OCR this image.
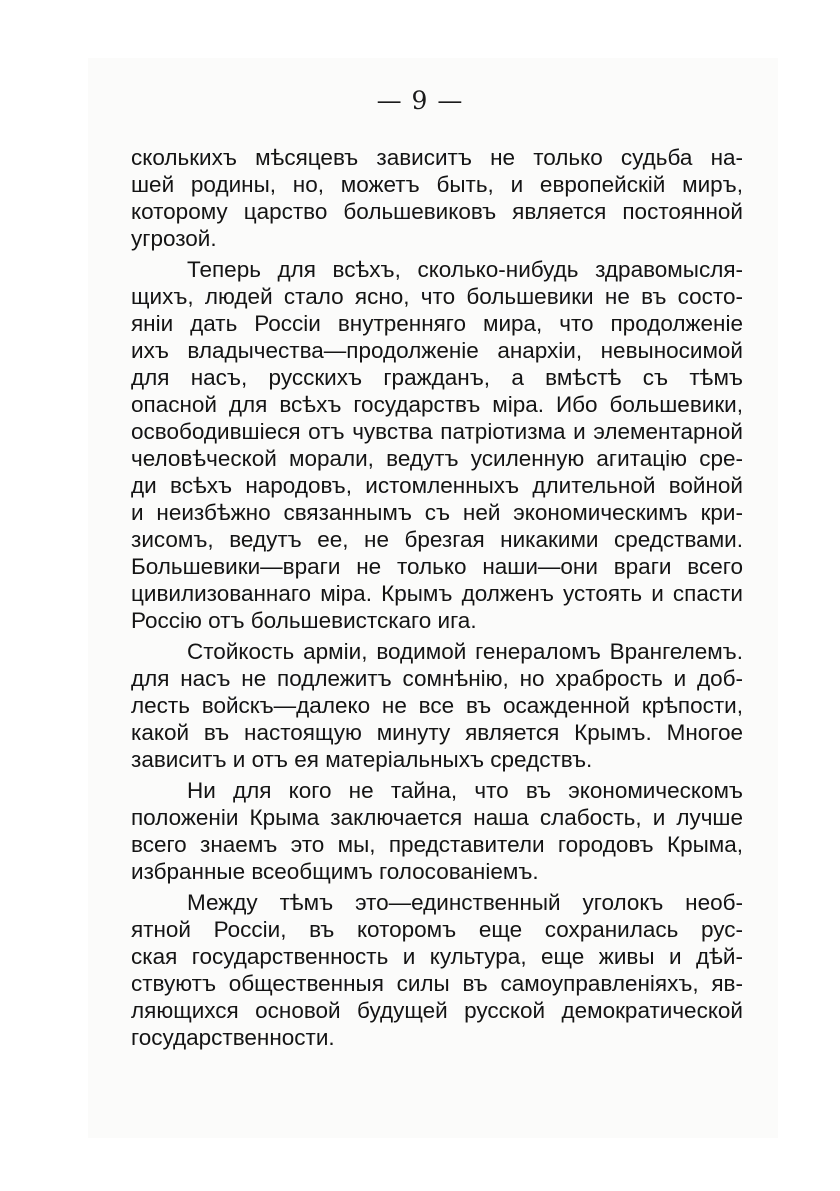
— 9 —
сколькихъ мѣсяцевъ зависитъ не только судьба на-
шей родины, но, можетъ быть, и европейскій миръ,
которому царство большевиковъ является постоянной
угрозой.
Теперь для всѣхъ, сколько-нибудь здравомысля-
щихъ, людей стало ясно, что большевики не въ состо-
яніи дать Россіи внутренняго мира, что продолженіе
ихъ владычества—продолженіе анархіи, невыносимой
для насъ, русскихъ гражданъ, а вмѣстѣ съ тѣмъ
опасной для всѣхъ государствъ міра. Ибо большевики,
освободившіеся отъ чувства патріотизма и элементарной
человѣческой морали, ведутъ усиленную агитацію сре-
ди всѣхъ народовъ, истомленныхъ длительной войной
и неизбѣжно связаннымъ съ ней экономическимъ кри-
зисомъ, ведутъ ее, не брезгая никакими средствами.
Большевики—враги не только наши—они враги всего
цивилизованнаго міра. Крымъ долженъ устоять и спасти
Россію отъ большевистскаго ига.
Стойкость арміи, водимой генераломъ Врангелемъ.
для насъ не подлежитъ сомнѣнію, но храбрость и доб-
лесть войскъ—далеко не все въ осажденной крѣпости,
какой въ настоящую минуту является Крымъ. Многое
зависитъ и отъ ея матеріальныхъ средствъ.
Ни для кого не тайна, что въ экономическомъ
положеніи Крыма заключается наша слабость, и лучше
всего знаемъ это мы, представители городовъ Крыма,
избранные всеобщимъ голосованіемъ.
Между тѣмъ это—единственный уголокъ необ-
ятной Россіи, въ которомъ еще сохранилась рус-
ская государственность и культура, еще живы и дѣй-
ствуютъ общественныя силы въ самоуправленіяхъ, яв-
ляющихся основой будущей русской демократической
государственности.
